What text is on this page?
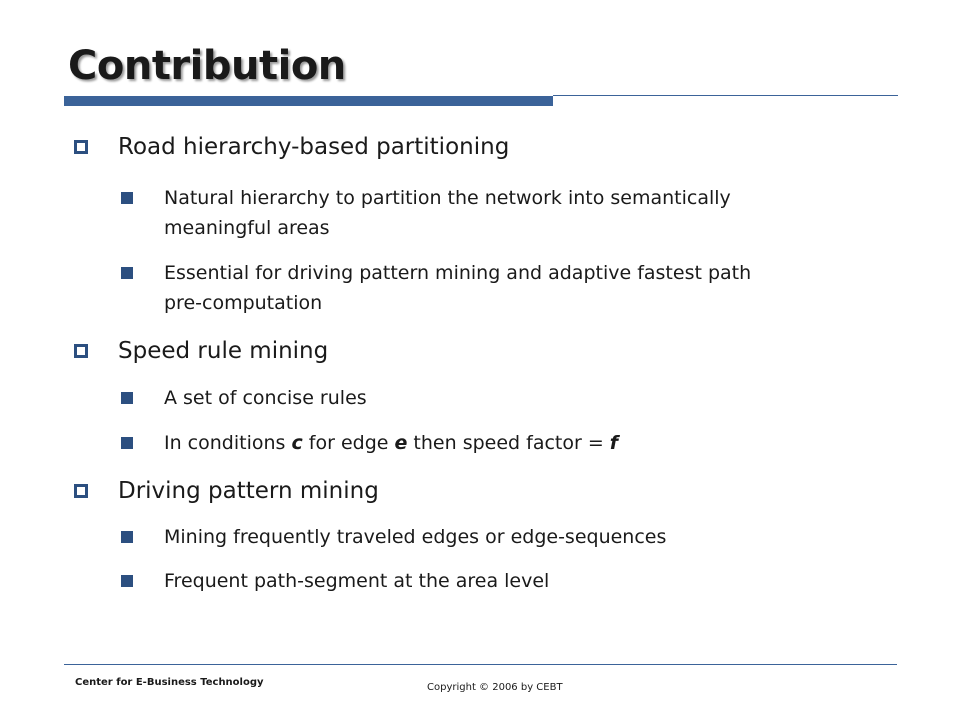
Contribution
Road hierarchy-based partitioning
Natural hierarchy to partition the network into semantically
meaningful areas
Essential for driving pattern mining and adaptive fastest path
pre-computation
Speed rule mining
A set of concise rules
In conditions c for edge e then speed factor = f
Driving pattern mining
Mining frequently traveled edges or edge-sequences
Frequent path-segment at the area level
Center for E-Business Technology	Copyright © 2006 by CEBT
